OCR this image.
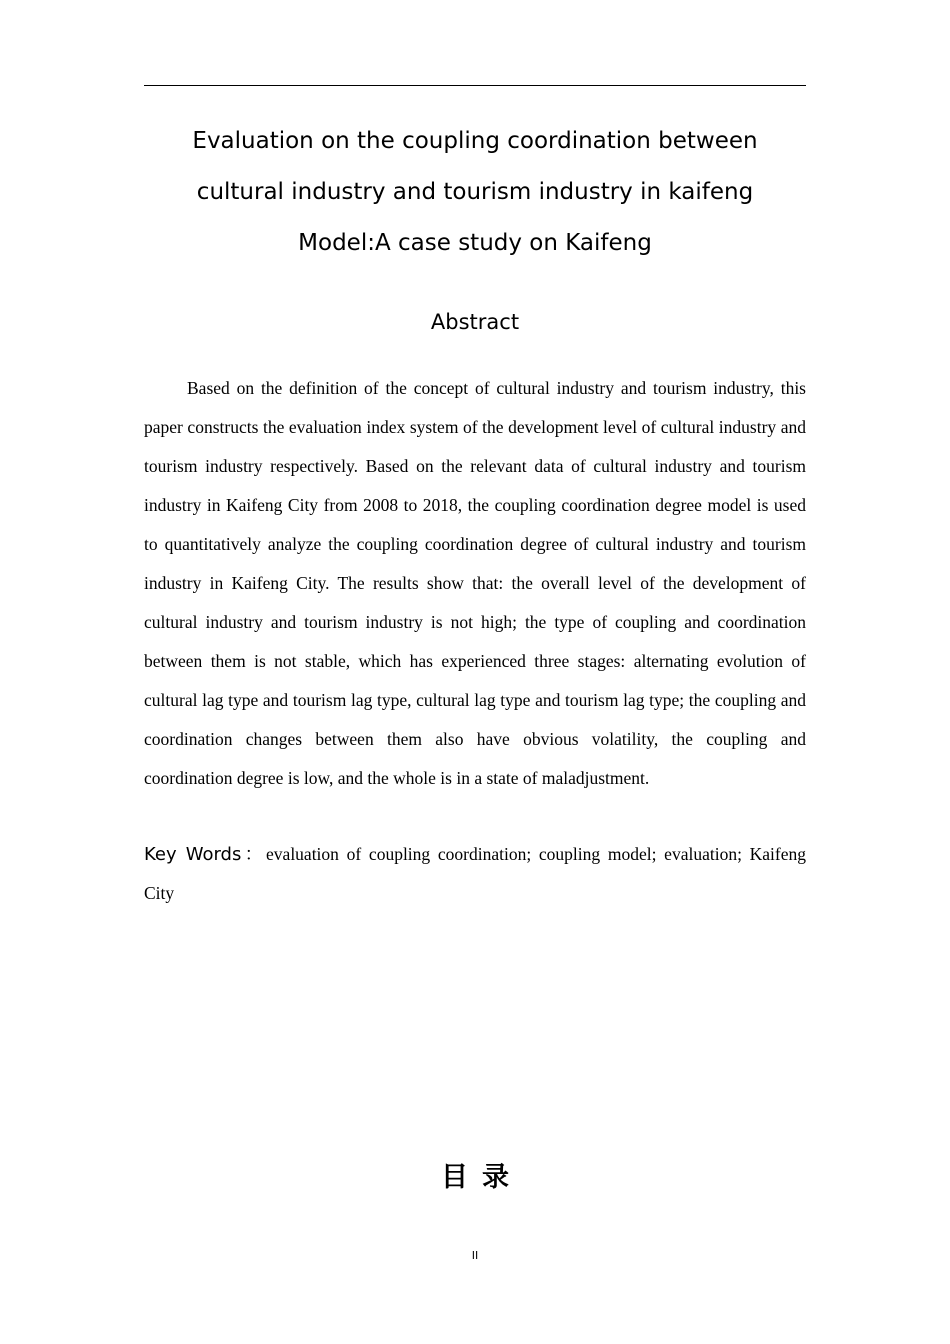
Evaluation on the coupling coordination between
cultural industry and tourism industry in kaifeng
Model:A case study on Kaifeng
Abstract

Based on the definition of the concept of cultural industry and tourism industry, this paper constructs the evaluation index system of the development level of cultural industry and tourism industry respectively. Based on the relevant data of cultural industry and tourism industry in Kaifeng City from 2008 to 2018, the coupling coordination degree model is used to quantitatively analyze the coupling coordination degree of cultural industry and tourism industry in Kaifeng City. The results show that: the overall level of the development of cultural industry and tourism industry is not high; the type of coupling and coordination between them is not stable, which has experienced three stages: alternating evolution of cultural lag type and tourism lag type, cultural lag type and tourism lag type; the coupling and coordination changes between them also have obvious volatility, the coupling and coordination degree is low, and the whole is in a state of maladjustment.

Key Words：evaluation of coupling coordination; coupling model; evaluation; Kaifeng City

目录
II
